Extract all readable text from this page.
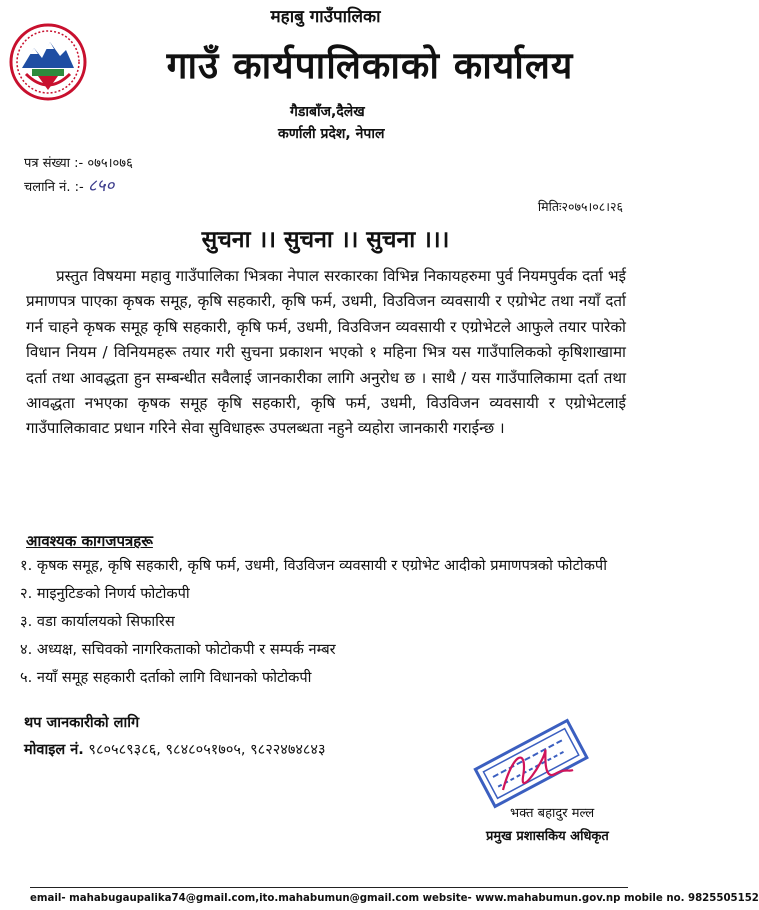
महाबु गाउँपालिका
गाउँ कार्यपालिकाको कार्यालय
गैडाबाँज,दैलेख
कर्णाली प्रदेश, नेपाल
पत्र संख्या :- ०७५।०७६
चलानि नं. :- ८५०
मितिः२०७५।०८।२६
सुचना ।। सुचना ।। सुचना ।।।

प्रस्तुत विषयमा महावु गाउँपालिका भित्रका नेपाल सरकारका विभिन्न निकायहरुमा पुर्व नियमपुर्वक दर्ता भई प्रमाणपत्र पाएका कृषक समूह, कृषि सहकारी, कृषि फर्म, उधमी, विउविजन व्यवसायी र एग्रोभेट तथा नयाँ दर्ता गर्न चाहने कृषक समूह कृषि सहकारी, कृषि फर्म, उधमी, विउविजन व्यवसायी र एग्रोभेटले आफुले तयार पारेको विधान नियम / विनियमहरू तयार गरी सुचना प्रकाशन भएको १ महिना भित्र यस गाउँपालिकको कृषिशाखामा दर्ता तथा आवद्धता हुन सम्बन्धीत सवैलाई जानकारीका लागि अनुरोध छ । साथै / यस गाउँपालिकामा दर्ता तथा आवद्धता नभएका कृषक समूह कृषि सहकारी, कृषि फर्म, उधमी, विउविजन व्यवसायी र एग्रोभेटलाई गाउँपालिकावाट प्रधान गरिने सेवा सुविधाहरू उपलब्धता नहुने व्यहोरा जानकारी गराईन्छ ।

आवश्यक कागजपत्रहरू
१. कृषक समूह, कृषि सहकारी, कृषि फर्म, उधमी, विउविजन व्यवसायी र एग्रोभेट आदीको प्रमाणपत्रको फोटोकपी
२. माइनुटिङको निणर्य फोटोकपी
३. वडा कार्यालयको सिफारिस
४. अध्यक्ष, सचिवको नागरिकताको फोटोकपी र सम्पर्क नम्बर
५. नयाँ समूह सहकारी दर्ताको लागि विधानको फोटोकपी
थप जानकारीको लागि
मोवाइल नं. ९८०५८९३८६, ९८४८०५१७०५, ९८२२४७४८४३
भक्त बहादुर मल्ल
प्रमुख प्रशासकिय अधिकृत
email- mahabugaupalika74@gmail.com,ito.mahabumun@gmail.com website- www.mahabumun.gov.np mobile no. 9825505152
